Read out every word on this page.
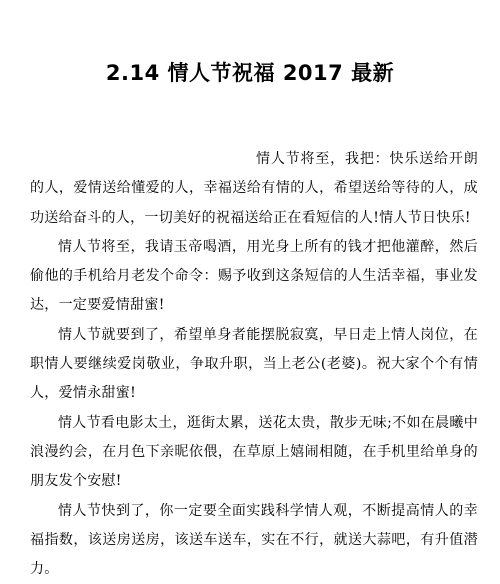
2.14 情人节祝福 2017 最新

情人节将至，我把：快乐送给开朗的人，爱情送给懂爱的人，幸福送给有情的人，希望送给等待的人，成功送给奋斗的人，一切美好的祝福送给正在看短信的人!情人节日快乐!

情人节将至，我请玉帝喝酒，用光身上所有的钱才把他灌醉，然后偷他的手机给月老发个命令：赐予收到这条短信的人生活幸福，事业发达，一定要爱情甜蜜!

情人节就要到了，希望单身者能摆脱寂寞，早日走上情人岗位，在职情人要继续爱岗敬业，争取升职，当上老公(老婆)。祝大家个个有情人，爱情永甜蜜!

情人节看电影太土，逛街太累，送花太贵，散步无味;不如在晨曦中浪漫约会，在月色下亲昵依偎，在草原上嬉闹相随，在手机里给单身的朋友发个安慰!

情人节快到了，你一定要全面实践科学情人观，不断提高情人的幸福指数，该送房送房，该送车送车，实在不行，就送大蒜吧，有升值潜力。
